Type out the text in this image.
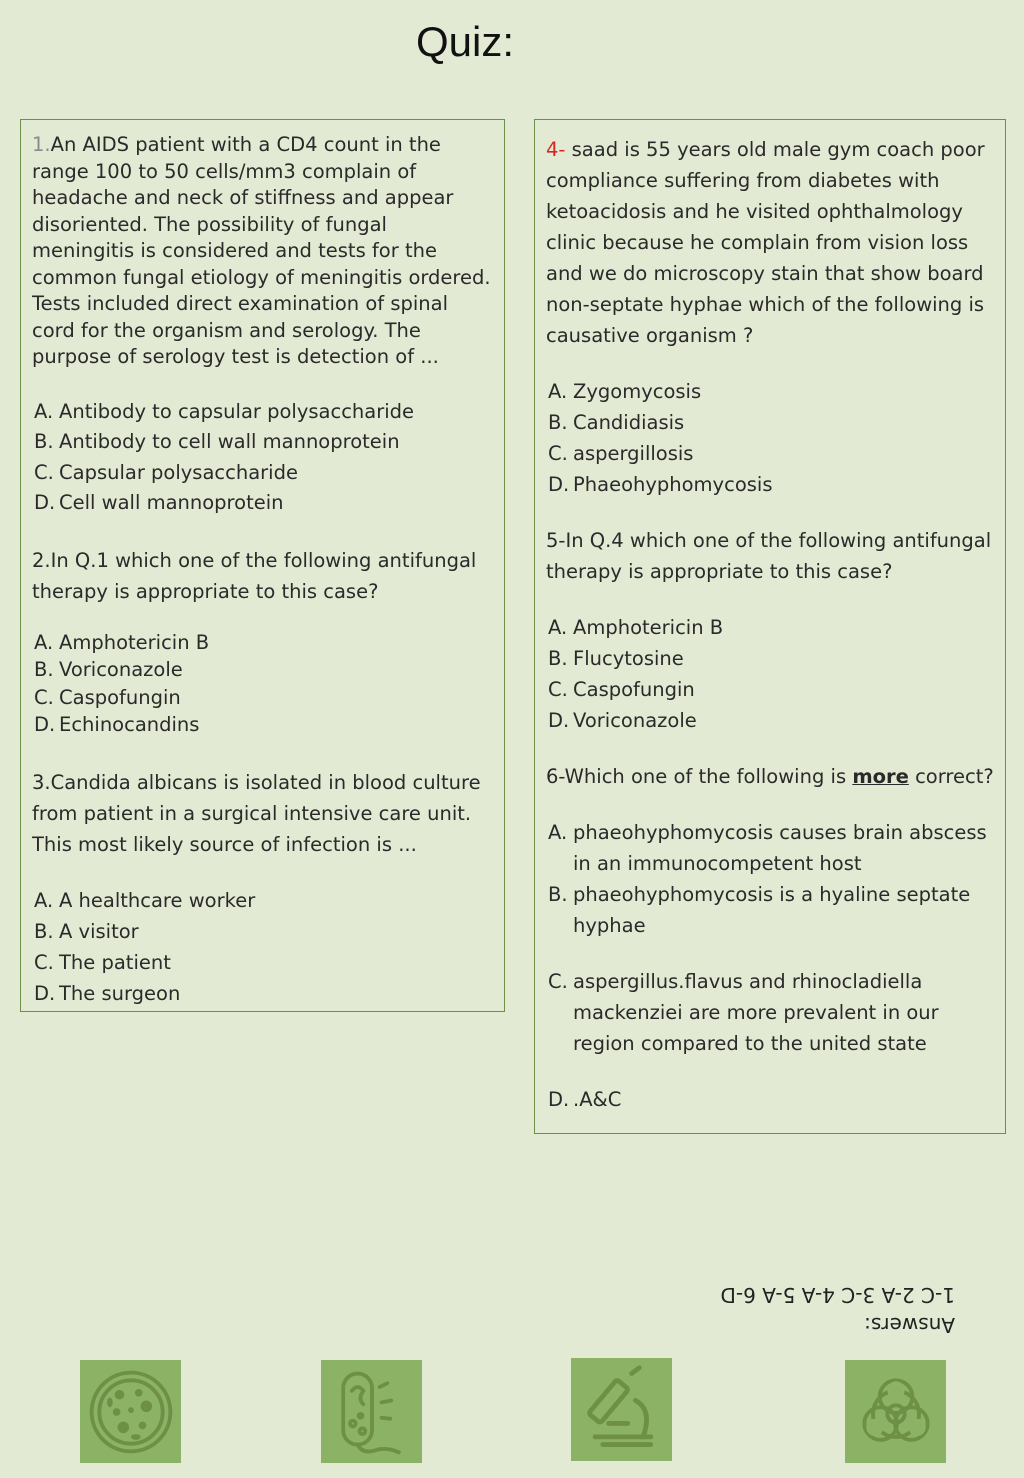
Quiz:

1.An AIDS patient with a CD4 count in the range 100 to 50 cells/mm3 complain of headache and neck of stiffness and appear disoriented. The possibility of fungal meningitis is considered and tests for the common fungal etiology of meningitis ordered. Tests included direct examination of spinal cord for the organism and serology. The purpose of serology test is detection of ...

A. Antibody to capsular polysaccharide
B. Antibody to cell wall mannoprotein
C. Capsular polysaccharide
D. Cell wall mannoprotein

2.In Q.1 which one of the following antifungal therapy is appropriate to this case?

A. Amphotericin B
B. Voriconazole
C. Caspofungin
D. Echinocandins

3.Candida albicans is isolated in blood culture from patient in a surgical intensive care unit. This most likely source of infection is ...

A. A healthcare worker
B. A visitor
C. The patient
D. The surgeon

4- saad is 55 years old male gym coach poor compliance suffering from diabetes with ketoacidosis and he visited ophthalmology clinic because he complain from vision loss and we do microscopy stain that show board non-septate hyphae which of the following is causative organism ?

A. Zygomycosis
B. Candidiasis
C. aspergillosis
D. Phaeohyphomycosis

5-In Q.4 which one of the following antifungal therapy is appropriate to this case?

A. Amphotericin B
B. Flucytosine
C. Caspofungin
D. Voriconazole

6-Which one of the following is more correct?

A. phaeohyphomycosis causes brain abscess in an immunocompetent host
B. phaeohyphomycosis is a hyaline septate hyphae
C. aspergillus.flavus and rhinocladiella mackenziei are more prevalent in our region compared to the united state
D. .A&C
Answers:
1-C 2-A 3-C 4-A 5-A 6-D
